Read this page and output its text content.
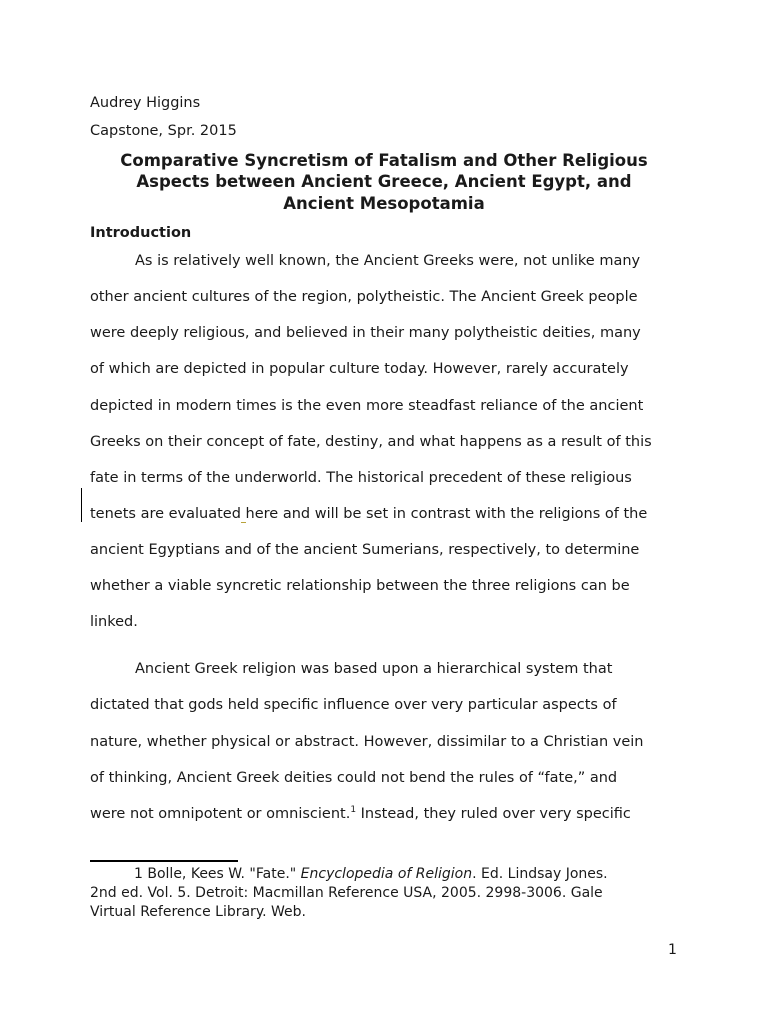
Audrey Higgins
Capstone, Spr. 2015
Comparative Syncretism of Fatalism and Other Religious
Aspects between Ancient Greece, Ancient Egypt, and
Ancient Mesopotamia
Introduction
As is relatively well known, the Ancient Greeks were, not unlike many
other ancient cultures of the region, polytheistic. The Ancient Greek people
were deeply religious, and believed in their many polytheistic deities, many
of which are depicted in popular culture today. However, rarely accurately
depicted in modern times is the even more steadfast reliance of the ancient
Greeks on their concept of fate, destiny, and what happens as a result of this
fate in terms of the underworld. The historical precedent of these religious
tenets are evaluated here and will be set in contrast with the religions of the
ancient Egyptians and of the ancient Sumerians, respectively, to determine
whether a viable syncretic relationship between the three religions can be
linked.
Ancient Greek religion was based upon a hierarchical system that
dictated that gods held specific influence over very particular aspects of
nature, whether physical or abstract. However, dissimilar to a Christian vein
of thinking, Ancient Greek deities could not bend the rules of “fate,” and
were not omnipotent or omniscient.$^1$ Instead, they ruled over very specific
1 Bolle, Kees W. "Fate." Encyclopedia of Religion. Ed. Lindsay Jones.
2nd ed. Vol. 5. Detroit: Macmillan Reference USA, 2005. 2998-3006. Gale
Virtual Reference Library. Web.
1
